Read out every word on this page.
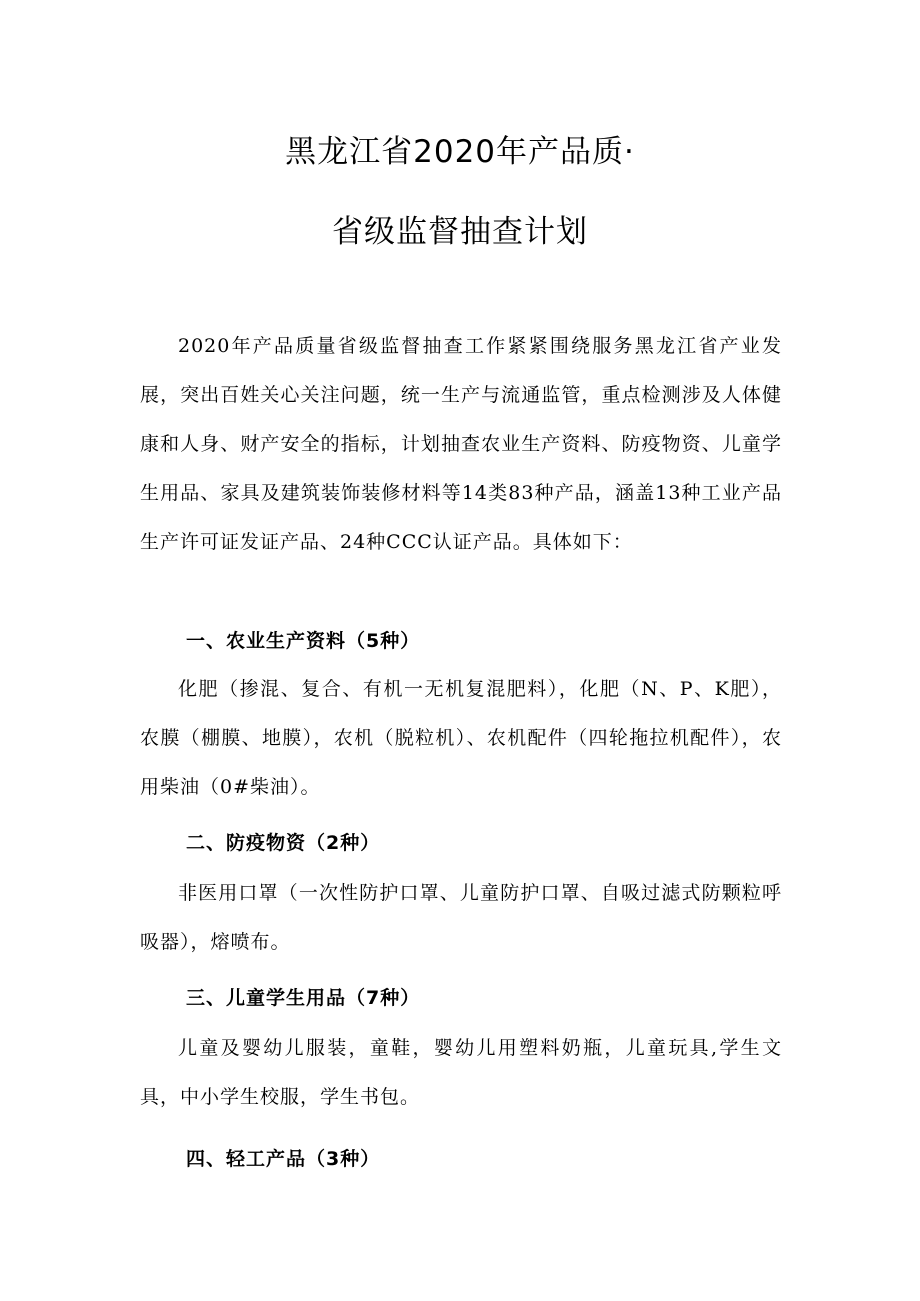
黑龙江省2020年产品质·
省级监督抽查计划

2020年产品质量省级监督抽查工作紧紧围绕服务黑龙江省产业发展，突出百姓关心关注问题，统一生产与流通监管，重点检测涉及人体健康和人身、财产安全的指标，计划抽查农业生产资料、防疫物资、儿童学生用品、家具及建筑装饰装修材料等14类83种产品，涵盖13种工业产品生产许可证发证产品、24种CCC认证产品。具体如下：

一、农业生产资料（5种）

化肥（掺混、复合、有机一无机复混肥料），化肥（N、P、K肥），农膜（棚膜、地膜），农机（脱粒机）、农机配件（四轮拖拉机配件），农用柴油（0#柴油）。

二、防疫物资（2种）

非医用口罩（一次性防护口罩、儿童防护口罩、自吸过滤式防颗粒呼吸器），熔喷布。

三、儿童学生用品（7种）

儿童及婴幼儿服装，童鞋，婴幼儿用塑料奶瓶，儿童玩具,学生文具，中小学生校服，学生书包。

四、轻工产品（3种）
